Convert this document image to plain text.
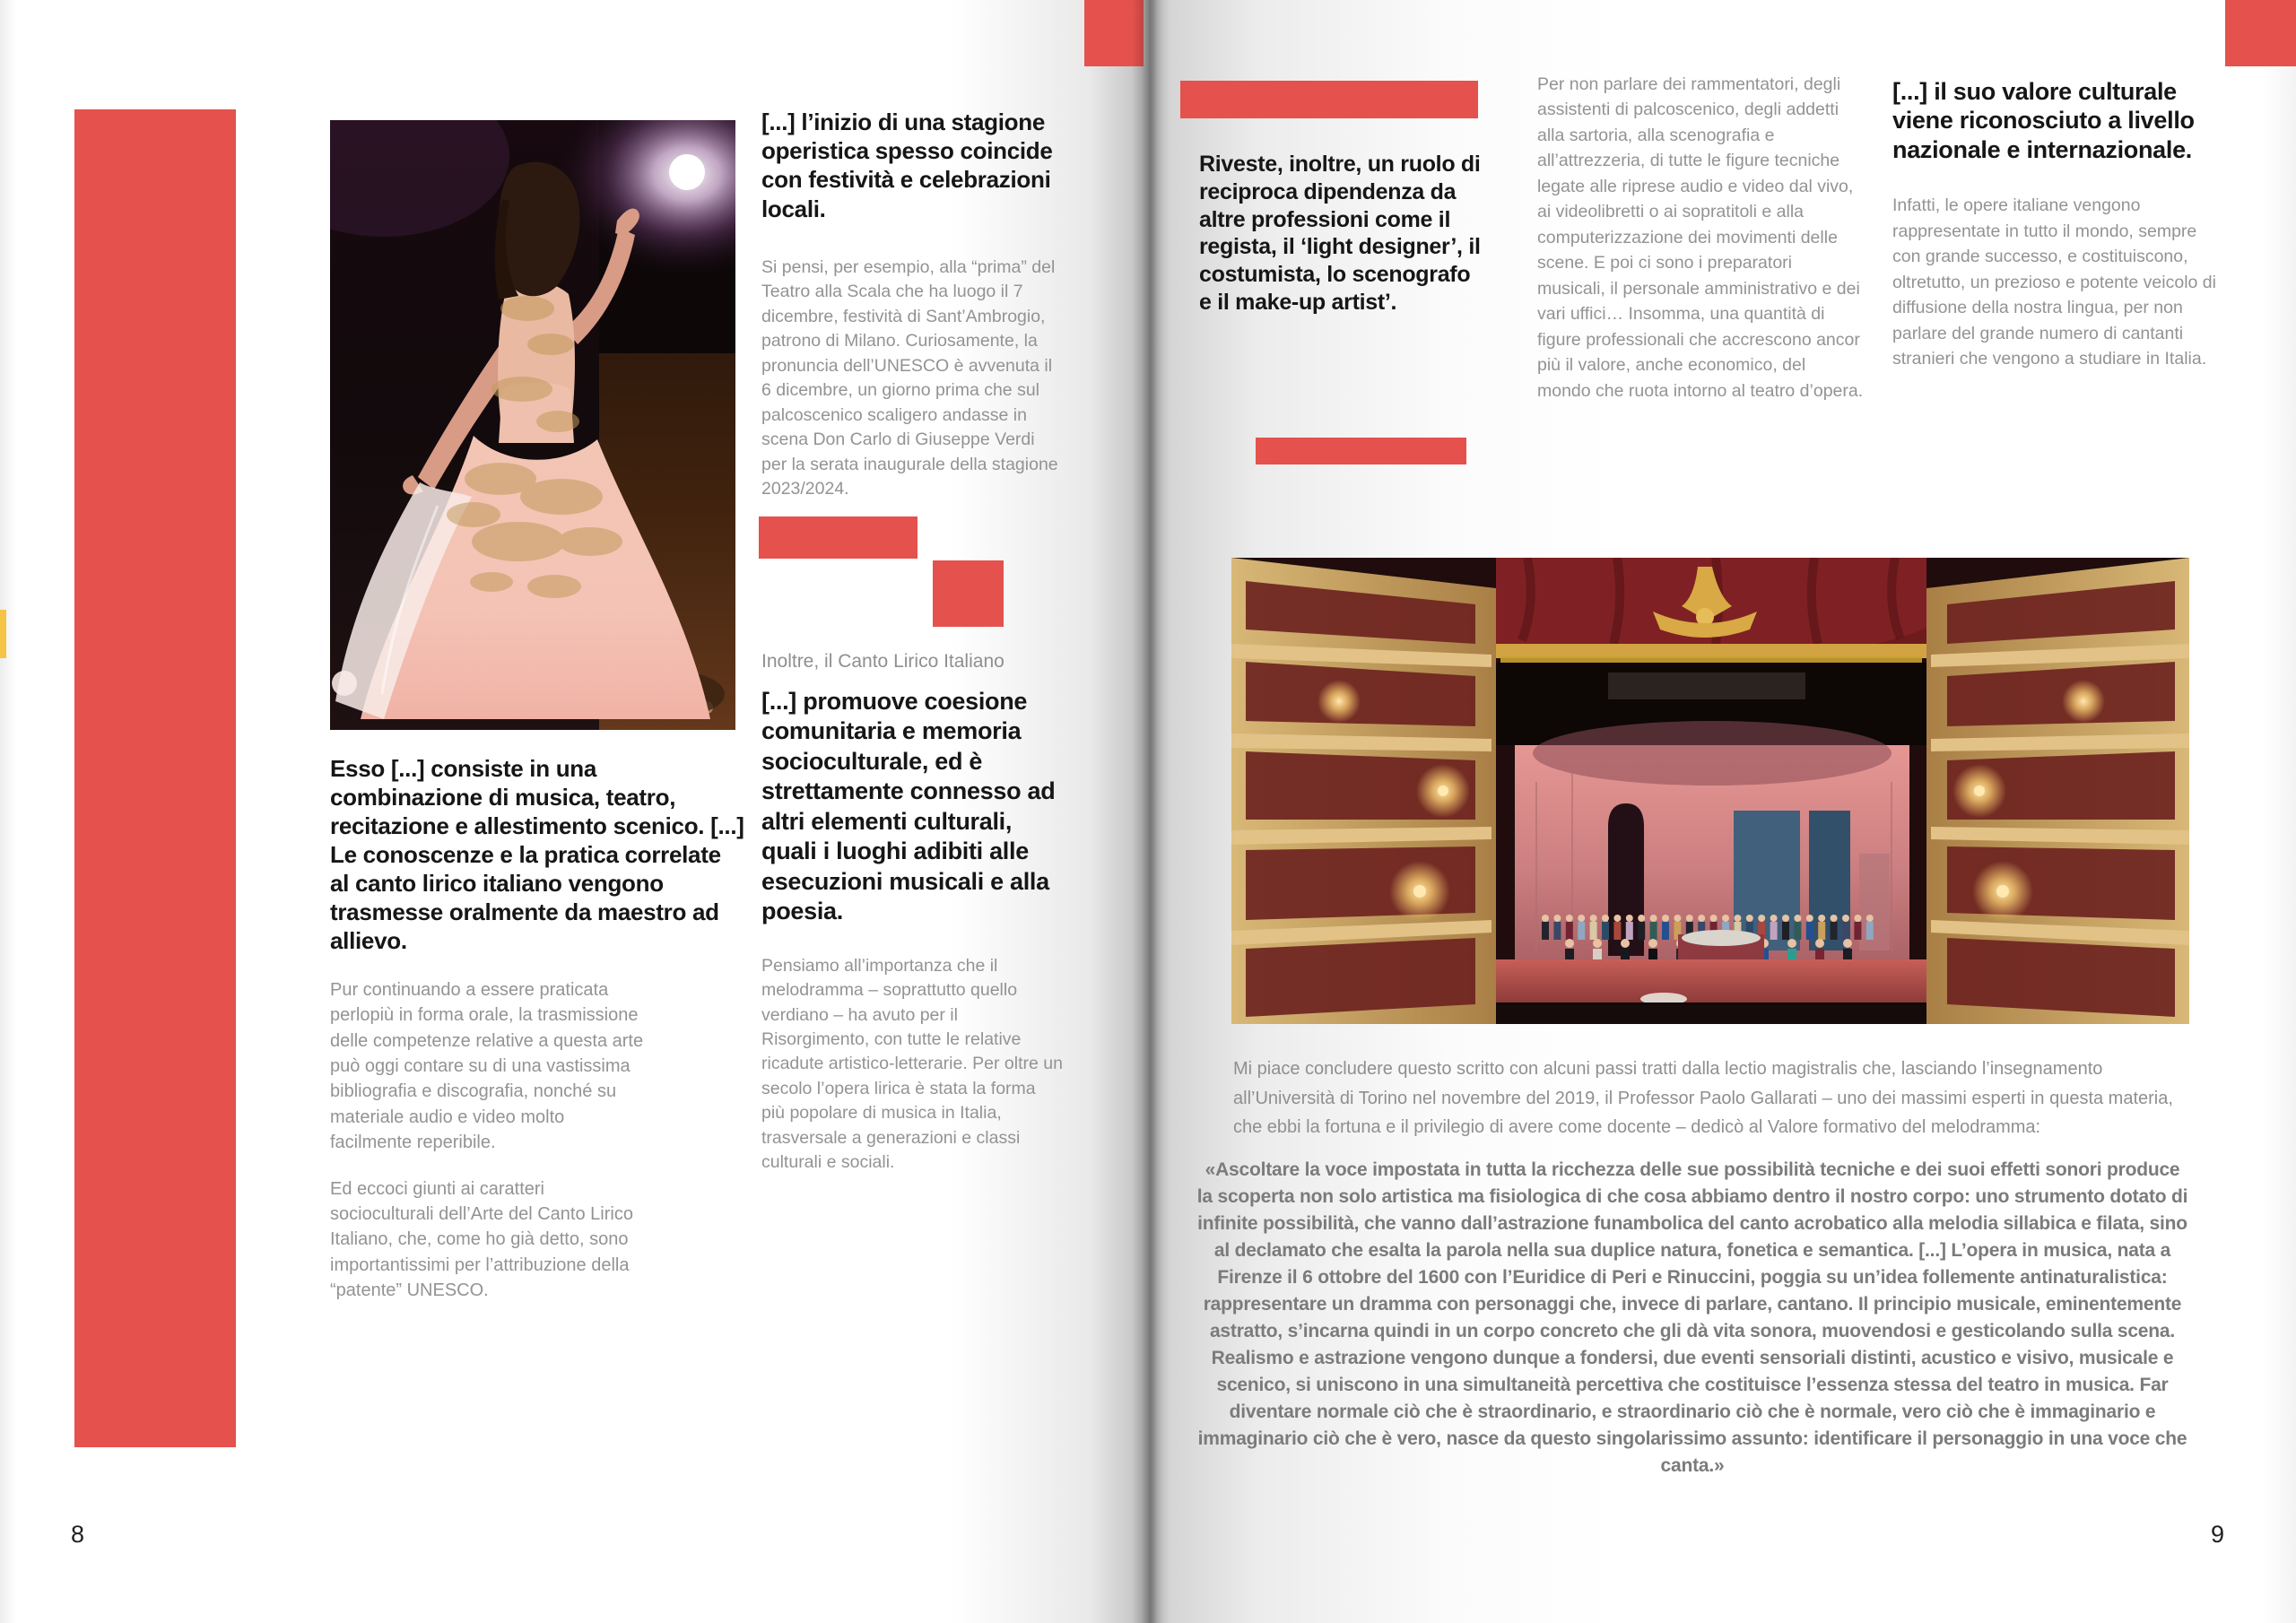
Esso [...] consiste in una combinazione di musica, teatro, recitazione e allestimento scenico. [...] Le conoscenze e la pratica correlate al canto lirico italiano vengono trasmesse oralmente da maestro ad allievo.

Pur continuando a essere praticata perlopiù in forma orale, la trasmissione delle competenze relative a questa arte può oggi contare su di una vastissima bibliografia e discografia, nonché su materiale audio e video molto facilmente reperibile.

Ed eccoci giunti ai caratteri socioculturali dell’Arte del Canto Lirico Italiano, che, come ho già detto, sono importantissimi per l’attribuzione della “patente” UNESCO.

[...] l’inizio di una stagione operistica spesso coincide con festività e celebrazioni locali.

Si pensi, per esempio, alla “prima” del Teatro alla Scala che ha luogo il 7 dicembre, festività di Sant’Ambrogio, patrono di Milano. Curiosamente, la pronuncia dell’UNESCO è avvenuta il 6 dicembre, un giorno prima che sul palcoscenico scaligero andasse in scena Don Carlo di Giuseppe Verdi per la serata inaugurale della stagione 2023/2024.

Inoltre, il Canto Lirico Italiano
[...] promuove coesione comunitaria e memoria socioculturale, ed è strettamente connesso ad altri elementi culturali, quali i luoghi adibiti alle esecuzioni musicali e alla poesia.

Pensiamo all’importanza che il melodramma – soprattutto quello verdiano – ha avuto per il Risorgimento, con tutte le relative ricadute artistico-letterarie. Per oltre un secolo l’opera lirica è stata la forma più popolare di musica in Italia, trasversale a generazioni e classi culturali e sociali.

8
Riveste, inoltre, un ruolo di reciproca dipendenza da altre professioni come il regista, il ‘light designer’, il costumista, lo scenografo e il make-up artist’.
Per non parlare dei rammentatori, degli assistenti di palcoscenico, degli addetti alla sartoria, alla scenografia e all’attrezzeria, di tutte le figure tecniche legate alle riprese audio e video dal vivo, ai videolibretti o ai sopratitoli e alla computerizzazione dei movimenti delle scene. E poi ci sono i preparatori musicali, il personale amministrativo e dei vari uffici… Insomma, una quantità di figure professionali che accrescono ancor più il valore, anche economico, del mondo che ruota intorno al teatro d’opera.
[...] il suo valore culturale viene riconosciuto a livello nazionale e internazionale.

Infatti, le opere italiane vengono rappresentate in tutto il mondo, sempre con grande successo, e costituiscono, oltretutto, un prezioso e potente veicolo di diffusione della nostra lingua, per non parlare del grande numero di cantanti stranieri che vengono a studiare in Italia.

Mi piace concludere questo scritto con alcuni passi tratti dalla lectio magistralis che, lasciando l’insegnamento all’Università di Torino nel novembre del 2019, il Professor Paolo Gallarati – uno dei massimi esperti in questa materia, che ebbi la fortuna e il privilegio di avere come docente – dedicò al Valore formativo del melodramma:
«Ascoltare la voce impostata in tutta la ricchezza delle sue possibilità tecniche e dei suoi effetti sonori produce la scoperta non solo artistica ma fisiologica di che cosa abbiamo dentro il nostro corpo: uno strumento dotato di infinite possibilità, che vanno dall’astrazione funambolica del canto acrobatico alla melodia sillabica e filata, sino al declamato che esalta la parola nella sua duplice natura, fonetica e semantica. [...] L’opera in musica, nata a Firenze il 6 ottobre del 1600 con l’Euridice di Peri e Rinuccini, poggia su un’idea follemente antinaturalistica: rappresentare un dramma con personaggi che, invece di parlare, cantano. Il principio musicale, eminentemente astratto, s’incarna quindi in un corpo concreto che gli dà vita sonora, muovendosi e gesticolando sulla scena. Realismo e astrazione vengono dunque a fondersi, due eventi sensoriali distinti, acustico e visivo, musicale e scenico, si uniscono in una simultaneità percettiva che costituisce l’essenza stessa del teatro in musica. Far diventare normale ciò che è straordinario, e straordinario ciò che è normale, vero ciò che è immaginario e immaginario ciò che è vero, nasce da questo singolarissimo assunto: identificare il personaggio in una voce che canta.»
9
